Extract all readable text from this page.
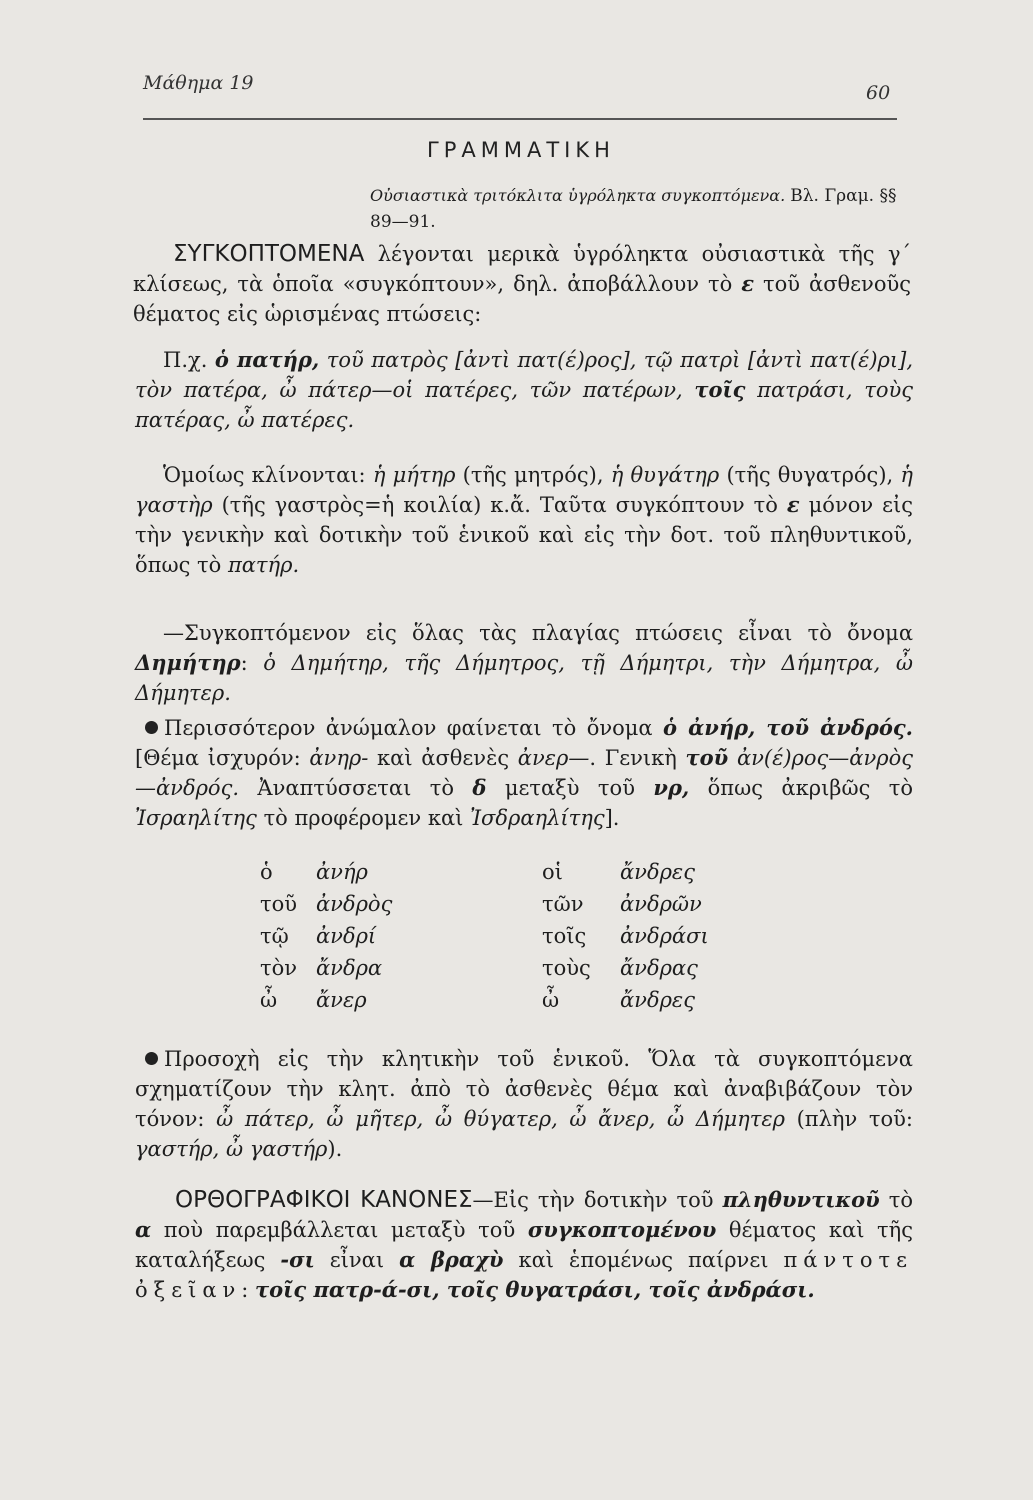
Μάθημα 19	60
ΓΡΑΜΜΑΤΙΚΗ
Οὐσιαστικὰ τριτόκλιτα ὑγρόληκτα συγκοπτόμενα. Βλ. Γραμ. §§ 89—91.
ΣΥΓΚΟΠΤΟΜΕΝΑ λέγονται μερικὰ ὑγρόληκτα οὐσιαστικὰ τῆς γ΄ κλίσεως, τὰ ὁποῖα «συγκόπτουν», δηλ. ἀποβάλλουν τὸ ε τοῦ ἀσθενοῦς θέματος εἰς ὡρισμένας πτώσεις:
Π.χ. ὁ πατήρ, τοῦ πατρὸς [ἀντὶ πατ(έ)ρος], τῷ πατρὶ [ἀντὶ πατ(έ)ρι], τὸν πατέρα, ὦ πάτερ—οἱ πατέρες, τῶν πατέρων, τοῖς πατράσι, τοὺς πατέρας, ὦ πατέρες.
Ὁμοίως κλίνονται: ἡ μήτηρ (τῆς μητρός), ἡ θυγάτηρ (τῆς θυγατρός), ἡ γαστὴρ (τῆς γαστρὸς=ἡ κοιλία) κ.ἄ. Ταῦτα συγκόπτουν τὸ ε μόνον εἰς τὴν γενικὴν καὶ δοτικὴν τοῦ ἑνικοῦ καὶ εἰς τὴν δοτ. τοῦ πληθυντικοῦ, ὅπως τὸ πατήρ.
—Συγκοπτόμενον εἰς ὅλας τὰς πλαγίας πτώσεις εἶναι τὸ ὄνομα Δημήτηρ: ὁ Δημήτηρ, τῆς Δήμητρος, τῇ Δήμητρι, τὴν Δήμητρα, ὦ Δήμητερ.
Περισσότερον ἀνώμαλον φαίνεται τὸ ὄνομα ὁ ἀνήρ, τοῦ ἀνδρός. [Θέμα ἰσχυρόν: ἀνηρ- καὶ ἀσθενὲς ἀνερ—. Γενικὴ τοῦ ἀν(έ)ρος—ἀνρὸς—ἀνδρός. Ἀναπτύσσεται τὸ δ μεταξὺ τοῦ νρ, ὅπως ἀκριβῶς τὸ Ἰσραηλίτης τὸ προφέρομεν καὶ Ἰσδραηλίτης].
ὁ ἀνήρ	οἱ	ἄνδρες
τοῦ ἀνδρὸς	τῶν ἀνδρῶν
τῷ ἀνδρί	τοῖς ἀνδράσι
τὸν ἄνδρα	τοὺς ἄνδρας
ὦ ἄνερ	ὦ	ἄνδρες
Προσοχὴ εἰς τὴν κλητικὴν τοῦ ἑνικοῦ. Ὅλα τὰ συγκοπτόμενα σχηματίζουν τὴν κλητ. ἀπὸ τὸ ἀσθενὲς θέμα καὶ ἀναβιβάζουν τὸν τόνον: ὦ πάτερ, ὦ μῆτερ, ὦ θύγατερ, ὦ ἄνερ, ὦ Δήμητερ (πλὴν τοῦ: γαστήρ, ὦ γαστήρ).
ΟΡΘΟΓΡΑΦΙΚΟΙ ΚΑΝΟΝΕΣ—Εἰς τὴν δοτικὴν τοῦ πληθυντικοῦ τὸ α ποὺ παρεμβάλλεται μεταξὺ τοῦ συγκοπτομένου θέματος καὶ τῆς καταλήξεως -σι εἶναι α βραχὺ καὶ ἑπομένως παίρνει πάντοτε ὀξεῖαν: τοῖς πατρ-ά-σι, τοῖς θυγατράσι, τοῖς ἀνδράσι.
